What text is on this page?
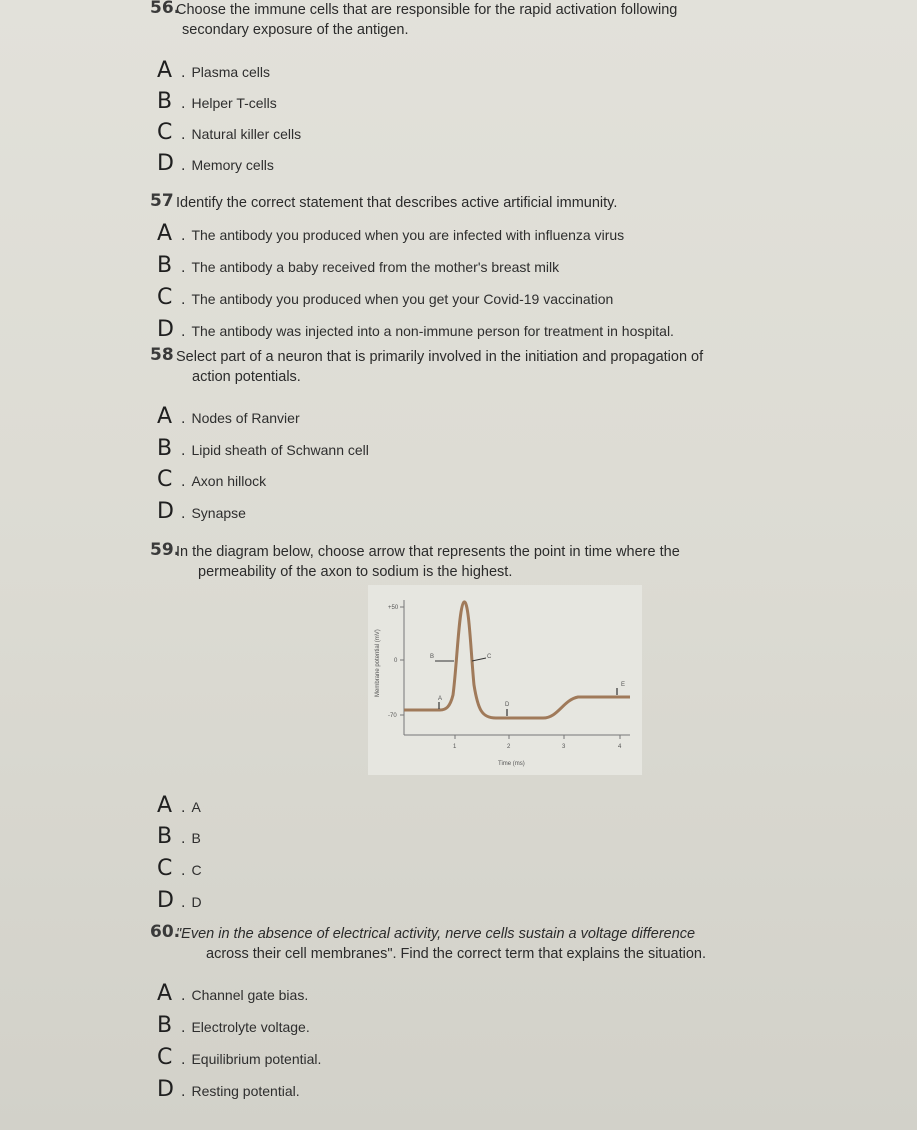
56.
Choose the immune cells that are responsible for the rapid activation following
secondary exposure of the antigen.
A . Plasma cells
B . Helper T-cells
C . Natural killer cells
D . Memory cells
57 Identify the correct statement that describes active artificial immunity.
A . The antibody you produced when you are infected with influenza virus
B . The antibody a baby received from the mother's breast milk
C . The antibody you produced when you get your Covid-19 vaccination
D . The antibody was injected into a non-immune person for treatment in hospital.
58 Select part of a neuron that is primarily involved in the initiation and propagation of
action potentials.
A . Nodes of Ranvier
B . Lipid sheath of Schwann cell
C . Axon hillock
D . Synapse
59.
In the diagram below, choose arrow that represents the point in time where the
permeability of the axon to sodium is the highest.
+50
0
-70
Membrane potential (mV)
1	2	3	4
Time (ms)
A
B	C
D
E
A . A
B . B
C . C
D . D
60.
"Even in the absence of electrical activity, nerve cells sustain a voltage difference
across their cell membranes". Find the correct term that explains the situation.
A . Channel gate bias.
B . Electrolyte voltage.
C . Equilibrium potential.
D . Resting potential.
